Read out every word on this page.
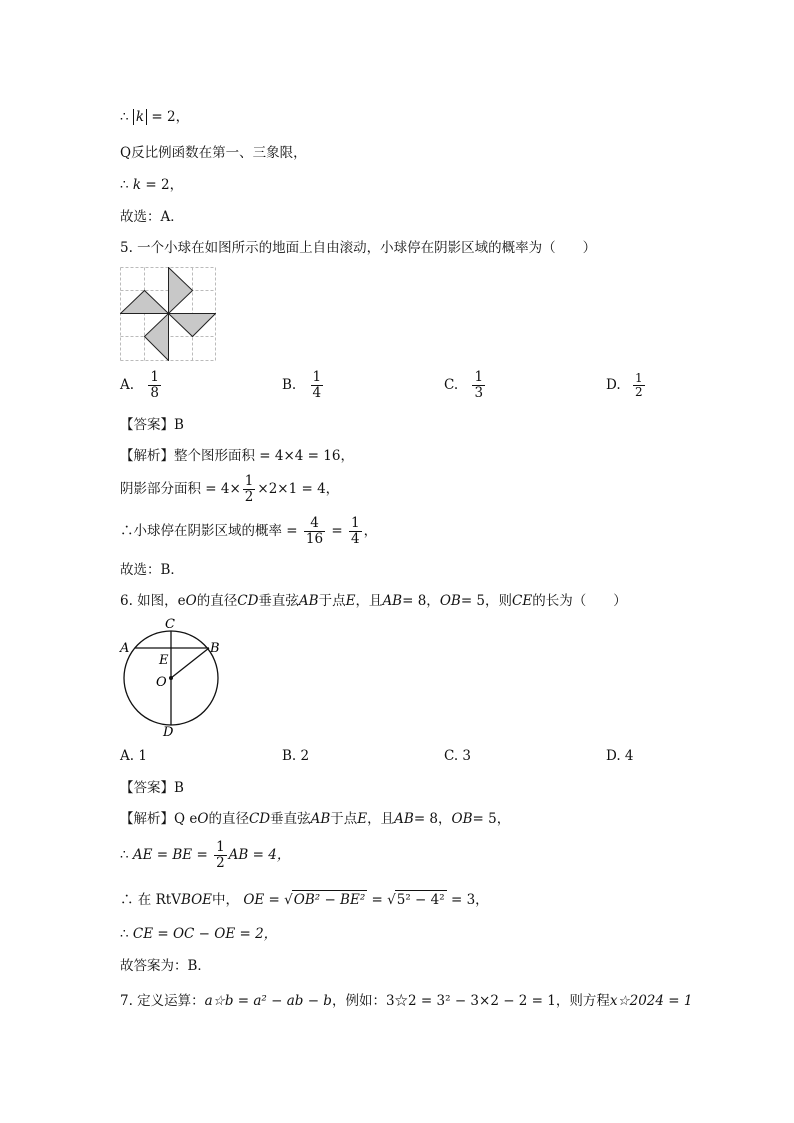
∴ k = 2，
Q反比例函数在第一、三象限，
∴ k = 2，
故选：A．
5. 一个小球在如图所示的地面上自由滚动，小球停在阴影区域的概率为（　　）
A. $\frac{1}{8}$	B. $\frac{1}{4}$	C. $\frac{1}{3}$	D. $\frac{1}{2}$
【答案】B
【解析】整个图形面积 = 4×4 = 16，
阴影部分面积 = $4\times \frac{1}{2} \times 2\times 1 = 4$，
∴小球停在阴影区域的概率 = $\frac{4}{16} = \frac{1}{4}$ ，
故选：B．
6. 如图，eO的直径CD垂直弦AB于点E，且AB= 8，OB= 5，则CE的长为（　　）
C
A	B
E
O
D
A. 1	B. 2	C. 3	D. 4
【答案】B
【解析】Q eO的直径CD垂直弦AB于点E，且AB= 8，OB= 5，
∴ AE = BE = $\frac{1}{2}$ AB = 4，
∴ 在 RtVBOE中， OE = √OB² − BE² = √5² − 4² = 3，
∴ CE = OC − OE = 2，
故答案为：B．
7. 定义运算：a☆b = a² − ab − b，例如：3☆2 = 3² − 3×2 − 2 = 1，则方程x☆2024 = 1
